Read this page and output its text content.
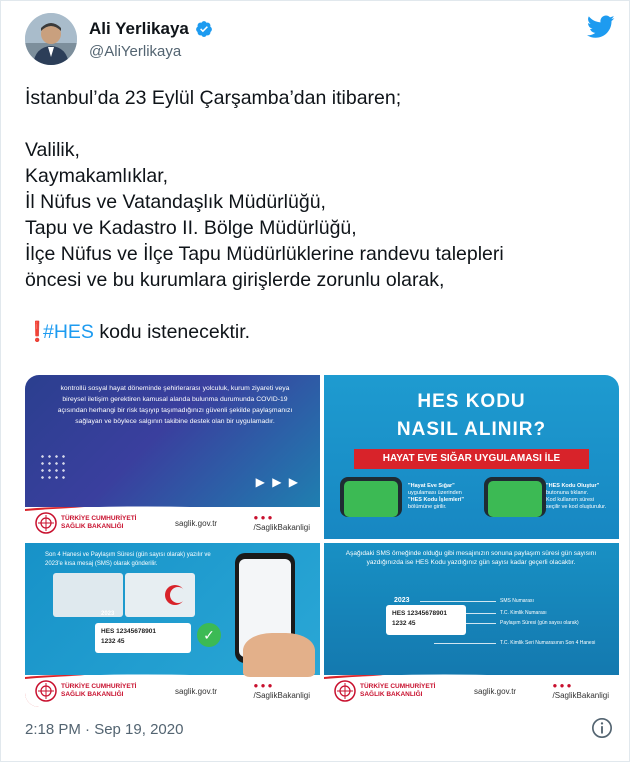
Ali Yerlikaya
@AliYerlikaya

İstanbul’da 23 Eylül Çarşamba’dan itibaren;

Valilik,

Kaymakamlıklar,

İl Nüfus ve Vatandaşlık Müdürlüğü,

Tapu ve Kadastro II. Bölge Müdürlüğü,

İlçe Nüfus ve İlçe Tapu Müdürlüklerine randevu talepleri

öncesi ve bu kurumlara girişlerde zorunlu olarak,

❗#HES kodu istenecektir.

kontrollü sosyal hayat döneminde şehirlerarası yolculuk, kurum ziyareti veya bireysel iletişim gerektiren kamusal alanda bulunma durumunda COVID-19 açısından herhangi bir risk taşıyıp taşımadığınızı güvenli şekilde paylaşmanızı sağlayan ve böylece salgının takibine destek olan bir uygulamadır.
▶ ▶ ▶
TÜRKİYE CUMHURİYETİ
SAĞLIK BAKANLIĞI	saglik.gov.tr
● ● ●
/SaglikBakanligi
HES KODU
NASIL ALINIR?
HAYAT EVE SIĞAR UYGULAMASI İLE
"Hayat Eve Sığar"
uygulaması üzerinden
"HES Kodu İşlemleri"
bölümüne girilir.
"HES Kodu Oluştur"
butonuna tıklanır.
Kod kullanım süresi
seçilir ve kod oluşturulur.
Son 4 Hanesi ve Paylaşım Süresi (gün sayısı olarak) yazılır ve 2023'e kısa mesaj (SMS) olarak gönderilir.
2023
HES 12345678901
1232 45	✓
TÜRKİYE CUMHURİYETİ
SAĞLIK BAKANLIĞI	saglik.gov.tr
● ● ●
/SaglikBakanligi
Aşağıdaki SMS örneğinde olduğu gibi mesajınızın sonuna paylaşım süresi gün sayısını yazdığınızda ise HES Kodu yazdığınız gün sayısı kadar geçerli olacaktır.
2023
HES 12345678901
1232 45
SMS Numarası
T.C. Kimlik Numarası
Paylaşım Süresi (gün sayısı olarak)
T.C. Kimlik Seri Numarasının Son 4 Hanesi
TÜRKİYE CUMHURİYETİ
SAĞLIK BAKANLIĞI	saglik.gov.tr
● ● ●
/SaglikBakanligi
2:18 PM · Sep 19, 2020
